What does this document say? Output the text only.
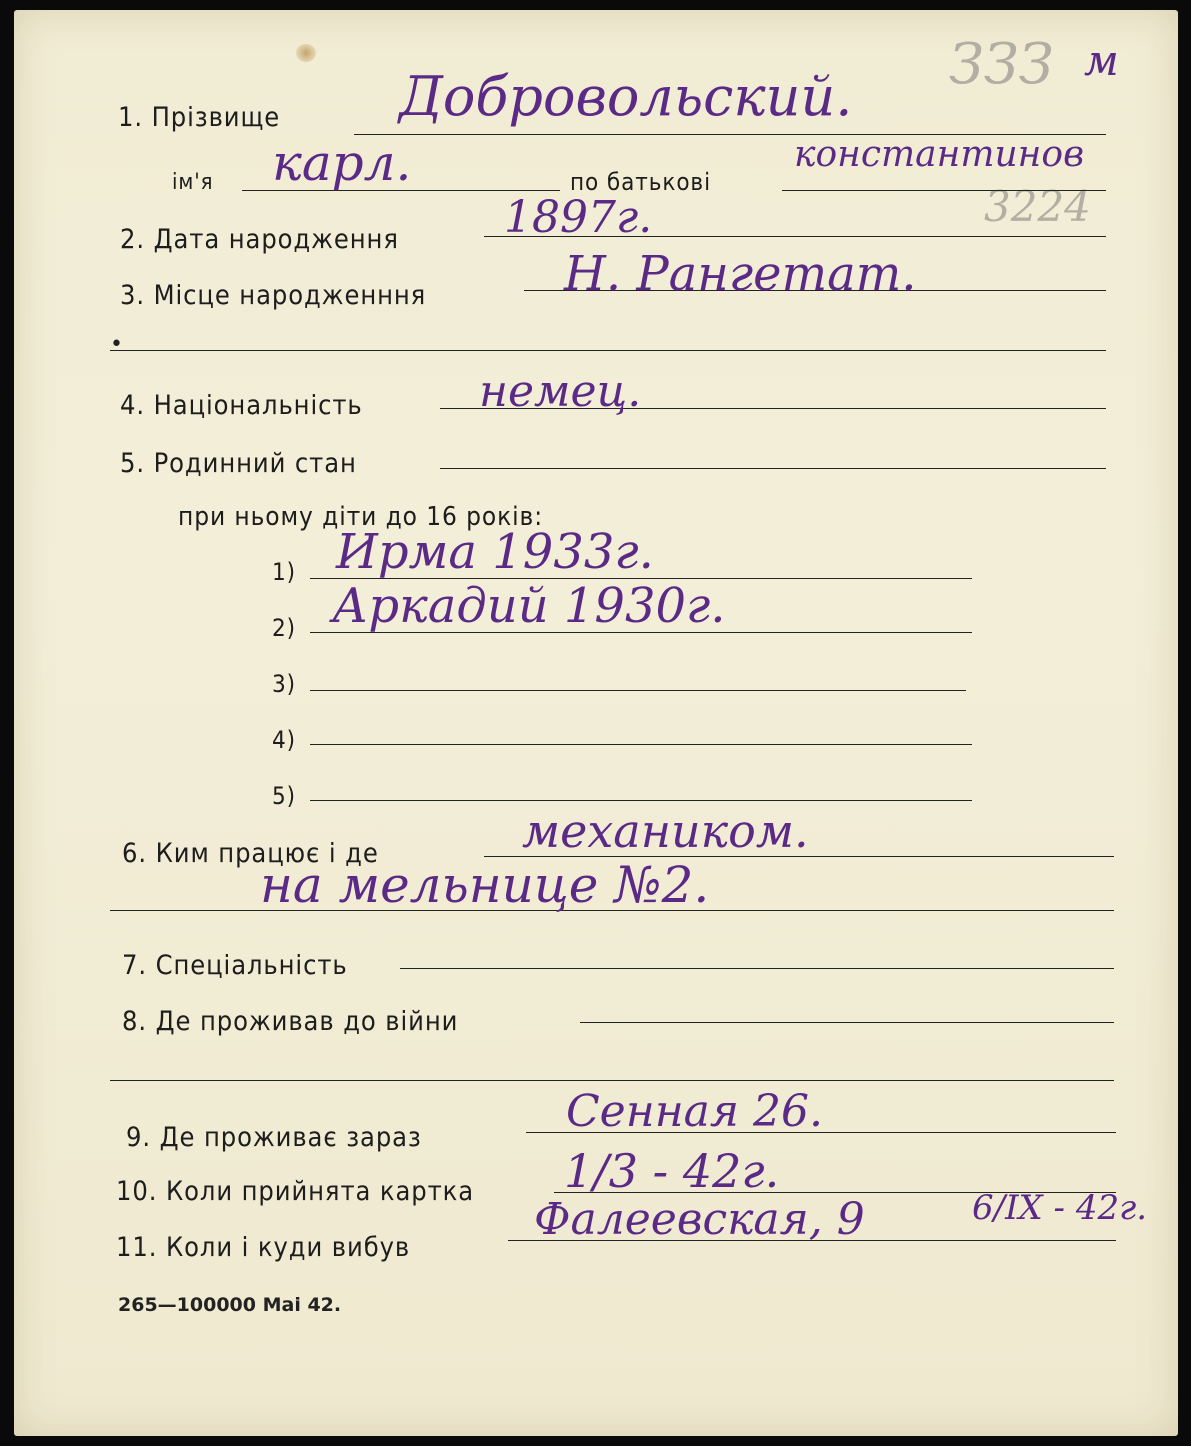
ЗЗЗ
3224
1. Прізвище Добровольский.
м
ім'я карл.	по батькові
константинов
2. Дата народження 1897г.
3. Місце народженння	Н. Рангетат.
•
4. Національність	немец.
5. Родинний стан
при ньому діти до 16 років:
1) Ирма 1933г.
2) Аркадий 1930г.
3)
4)
5)
6. Ким працює і де	механиком.
на мельнице №2.
7. Спеціальність
8. Де проживав до війни
9. Де проживає зараз
Сенная 26.
10. Коли прийнята картка 1/3 - 42г.
11. Коли і куди вибув
Фалеевская, 9	6/IX - 42г.
265—100000 Mai 42.
